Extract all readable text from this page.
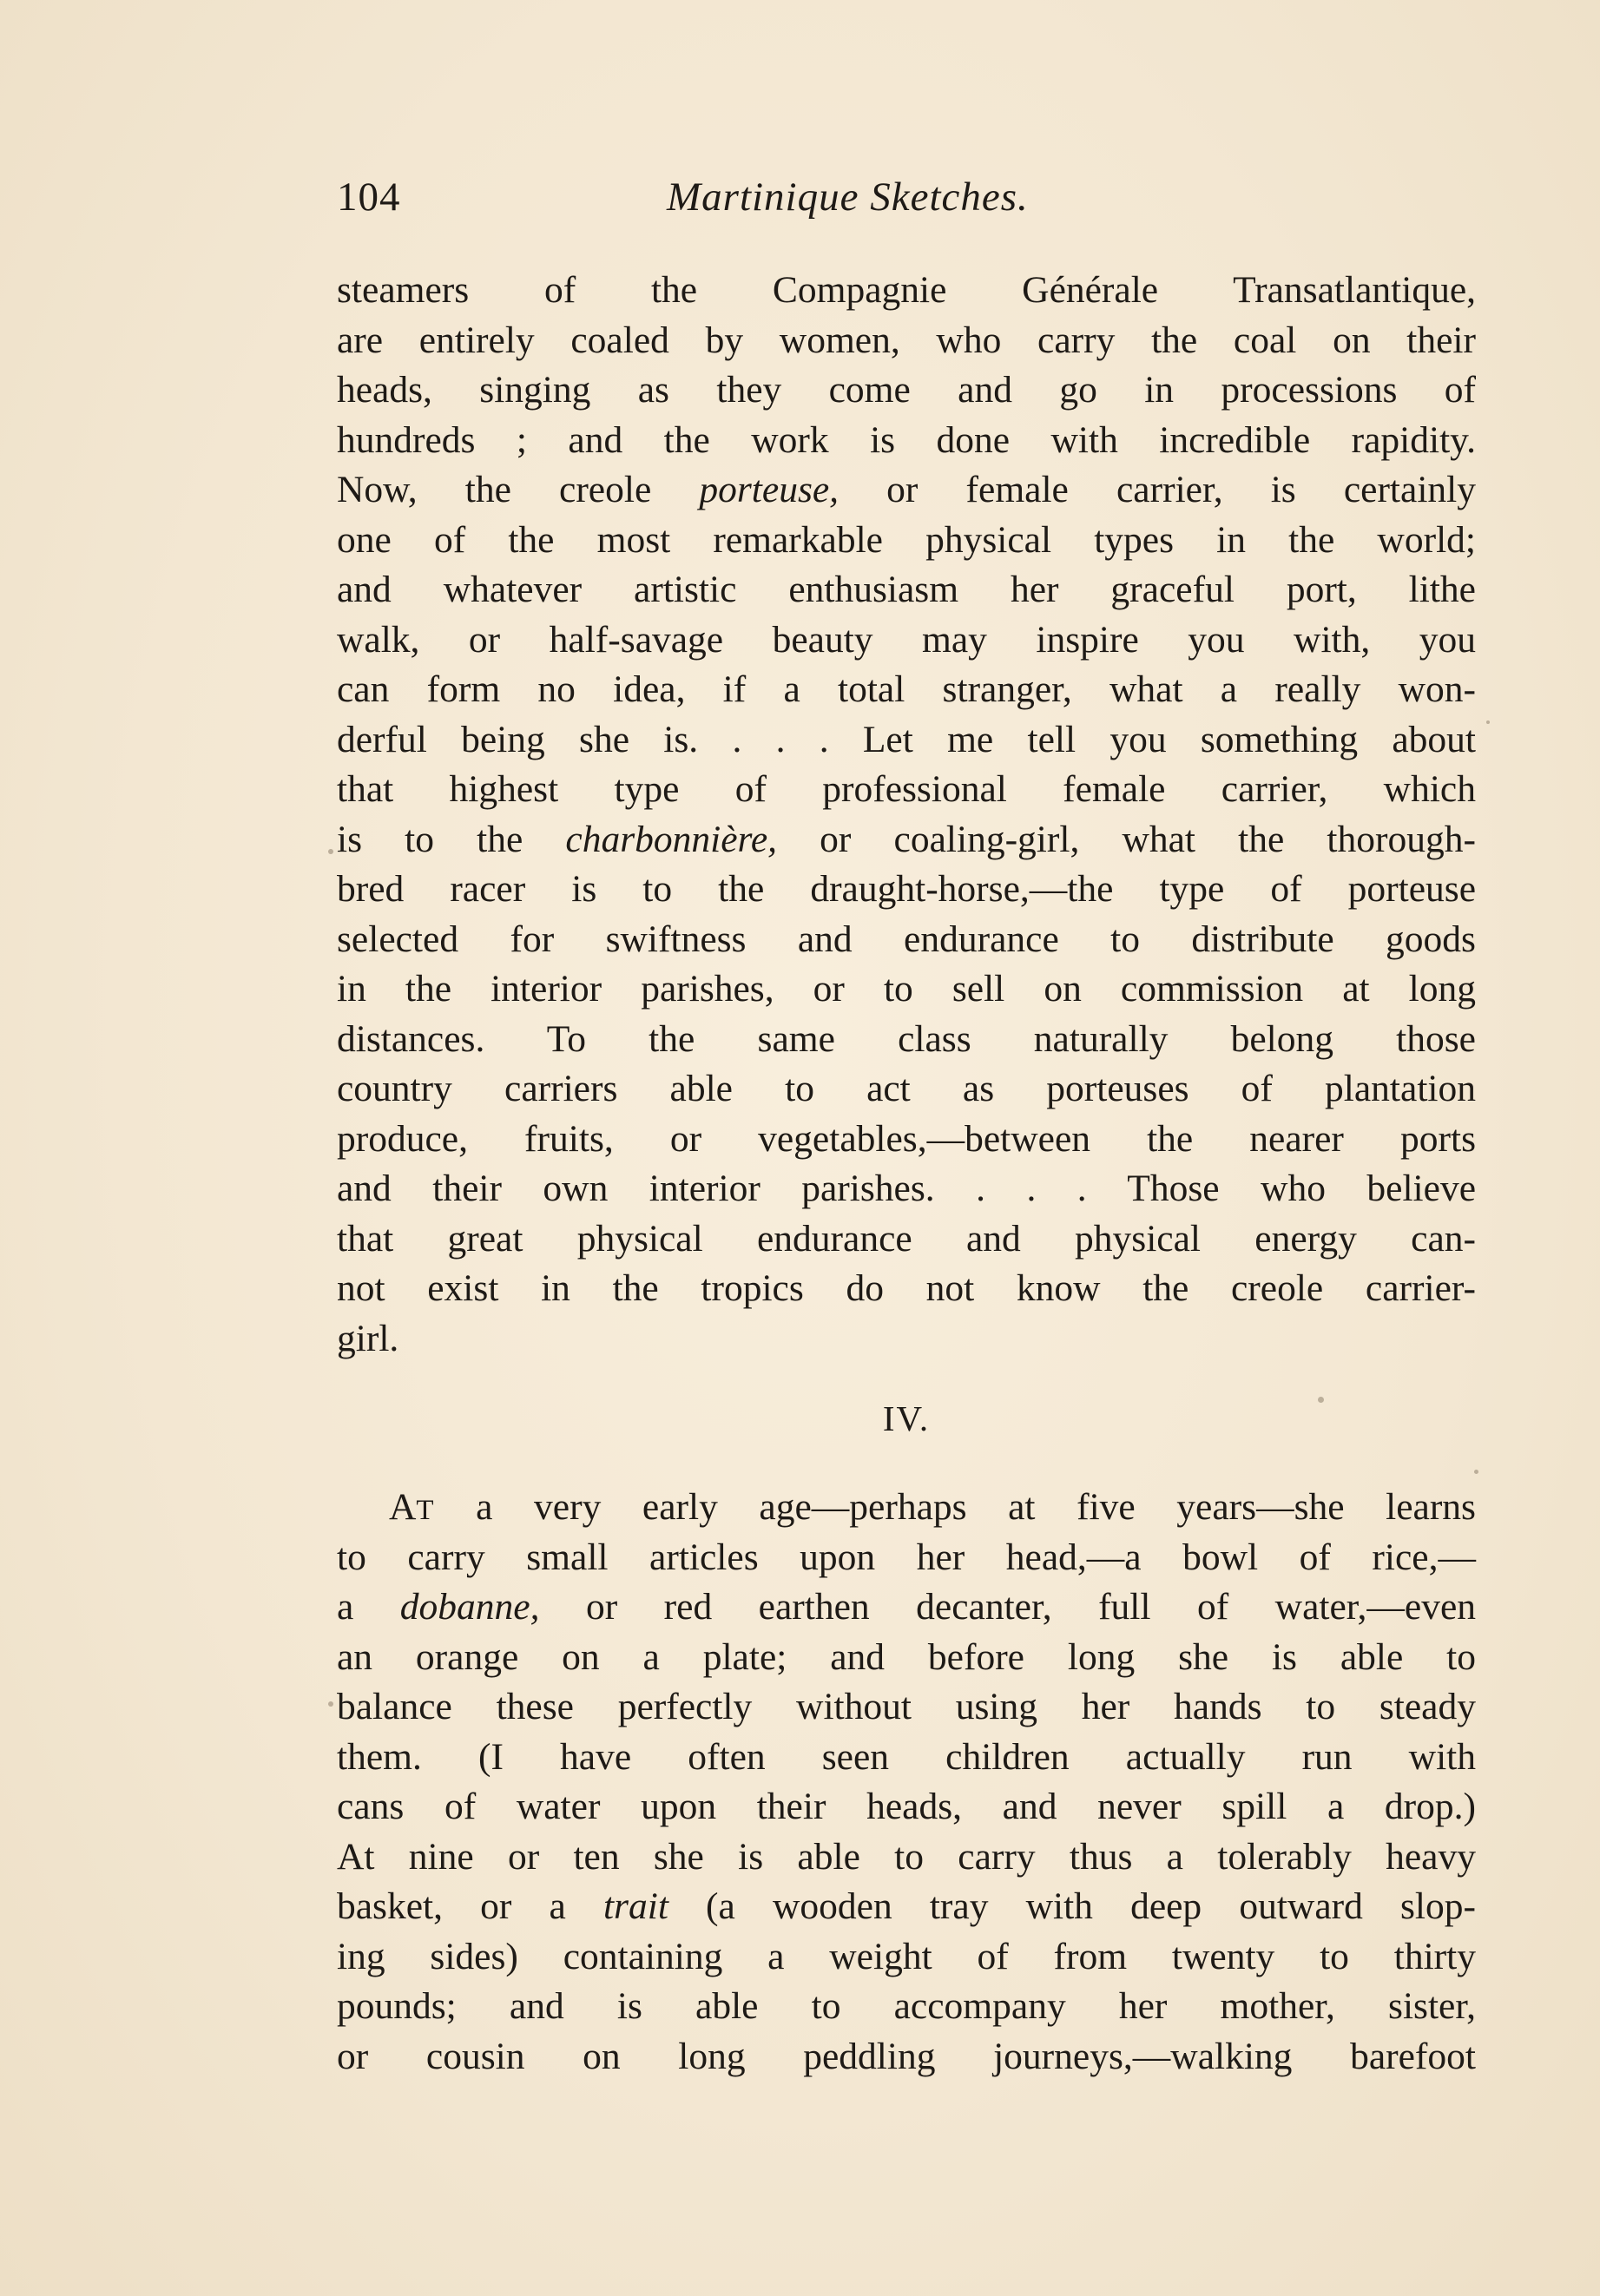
104	Martinique Sketches.
steamers of the Compagnie Générale Transatlantique,
are entirely coaled by women, who carry the coal on their
heads, singing as they come and go in processions of
hundreds ; and the work is done with incredible rapidity.
Now, the creole porteuse, or female carrier, is certainly
one of the most remarkable physical types in the world;
and whatever artistic enthusiasm her graceful port, lithe
walk, or half-savage beauty may inspire you with, you
can form no idea, if a total stranger, what a really won-
derful being she is. . . . Let me tell you something about
that highest type of professional female carrier, which
is to the charbonnière, or coaling-girl, what the thorough-
bred racer is to the draught-horse,—the type of porteuse
selected for swiftness and endurance to distribute goods
in the interior parishes, or to sell on commission at long
distances. To the same class naturally belong those
country carriers able to act as porteuses of plantation
produce, fruits, or vegetables,—between the nearer ports
and their own interior parishes. . . . Those who believe
that great physical endurance and physical energy can-
not exist in the tropics do not know the creole carrier-
girl.
IV.
AT a very early age—perhaps at five years—she learns
to carry small articles upon her head,—a bowl of rice,—
a dobanne, or red earthen decanter, full of water,—even
an orange on a plate; and before long she is able to
balance these perfectly without using her hands to steady
them. (I have often seen children actually run with
cans of water upon their heads, and never spill a drop.)
At nine or ten she is able to carry thus a tolerably heavy
basket, or a trait (a wooden tray with deep outward slop-
ing sides) containing a weight of from twenty to thirty
pounds; and is able to accompany her mother, sister,
or cousin on long peddling journeys,—walking barefoot
